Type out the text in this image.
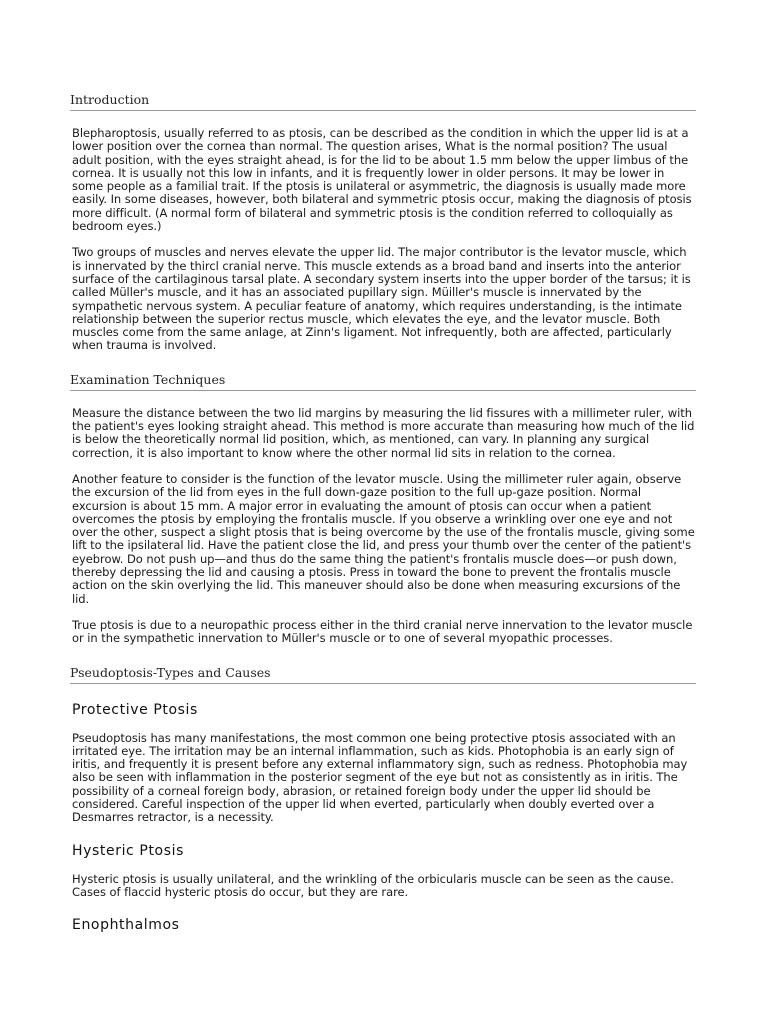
Introduction

Blepharoptosis, usually referred to as ptosis, can be described as the condition in which the upper lid is at a lower position over the cornea than normal. The question arises, What is the normal position? The usual adult position, with the eyes straight ahead, is for the lid to be about 1.5 mm below the upper limbus of the cornea. It is usually not this low in infants, and it is frequently lower in older persons. It may be lower in some people as a familial trait. If the ptosis is unilateral or asymmetric, the diagnosis is usually made more easily. In some diseases, however, both bilateral and symmetric ptosis occur, making the diagnosis of ptosis more difficult. (A normal form of bilateral and symmetric ptosis is the condition referred to colloquially as bedroom eyes.)

Two groups of muscles and nerves elevate the upper lid. The major contributor is the levator muscle, which is innervated by the thircl cranial nerve. This muscle extends as a broad band and inserts into the anterior surface of the cartilaginous tarsal plate. A secondary system inserts into the upper border of the tarsus; it is called Müller's muscle, and it has an associated pupillary sign. Müiller's muscle is innervated by the sympathetic nervous system. A peculiar feature of anatomy, which requires understanding, is the intimate relationship between the superior rectus muscle, which elevates the eye, and the levator muscle. Both muscles come from the same anlage, at Zinn's ligament. Not infrequently, both are affected, particularly when trauma is involved.

Examination Techniques

Measure the distance between the two lid margins by measuring the lid fissures with a millimeter ruler, with the patient's eyes looking straight ahead. This method is more accurate than measuring how much of the lid is below the theoretically normal lid position, which, as mentioned, can vary. In planning any surgical correction, it is also important to know where the other normal lid sits in relation to the cornea.

Another feature to consider is the function of the levator muscle. Using the millimeter ruler again, observe the excursion of the lid from eyes in the full down-gaze position to the full up-gaze position. Normal excursion is about 15 mm. A major error in evaluating the amount of ptosis can occur when a patient overcomes the ptosis by employing the frontalis muscle. If you observe a wrinkling over one eye and not over the other, suspect a slight ptosis that is being overcome by the use of the frontalis muscle, giving some lift to the ipsilateral lid. Have the patient close the lid, and press your thumb over the center of the patient's eyebrow. Do not push up—and thus do the same thing the patient's frontalis muscle does—or push down, thereby depressing the lid and causing a ptosis. Press in toward the bone to prevent the frontalis muscle action on the skin overlying the lid. This maneuver should also be done when measuring excursions of the lid.

True ptosis is due to a neuropathic process either in the third cranial nerve innervation to the levator muscle or in the sympathetic innervation to Müller's muscle or to one of several myopathic processes.

Pseudoptosis-Types and Causes
Protective Ptosis

Pseudoptosis has many manifestations, the most common one being protective ptosis associated with an irritated eye. The irritation may be an internal inflammation, such as kids. Photophobia is an early sign of iritis, and frequently it is present before any external inflammatory sign, such as redness. Photophobia may also be seen with inflammation in the posterior segment of the eye but not as consistently as in iritis. The possibility of a corneal foreign body, abrasion, or retained foreign body under the upper lid should be considered. Careful inspection of the upper lid when everted, particularly when doubly everted over a Desmarres retractor, is a necessity.

Hysteric Ptosis

Hysteric ptosis is usually unilateral, and the wrinkling of the orbicularis muscle can be seen as the cause. Cases of flaccid hysteric ptosis do occur, but they are rare.

Enophthalmos
